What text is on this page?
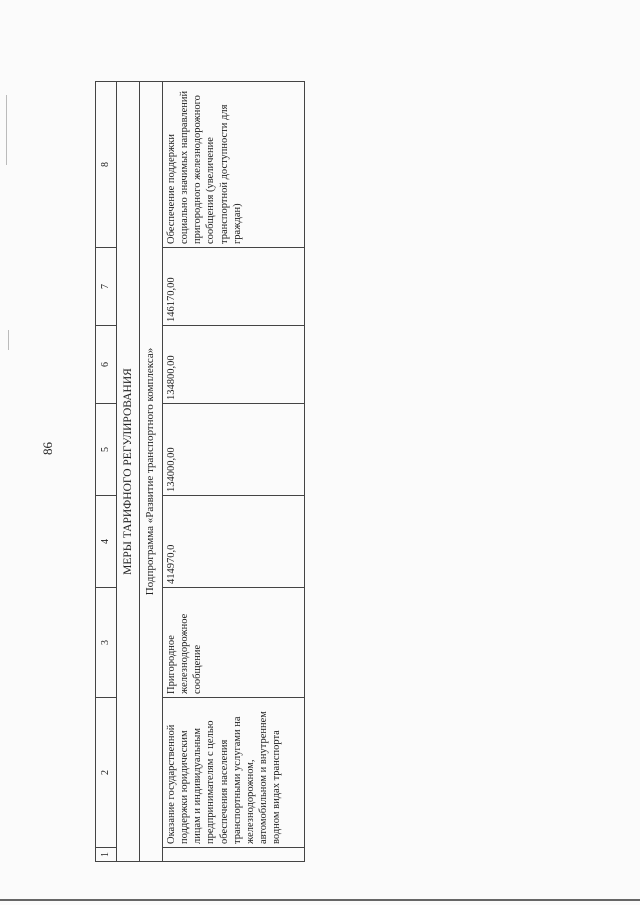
86
1	2	3	4	5	6	7	8
МЕРЫ ТАРИФНОГО РЕГУЛИРОВАНИЯ							
Подпрограмма «Развитие транспортного комплекса»							
	Оказание государственной поддержки юридическим лицам и индивидуальным предпринимателям с целью обеспечения населения транспортными услугами на железнодорожном, автомобильном и внутреннем водном видах транспорта	Пригородное железнодорожное сообщение	414970,0	134000,00	134800,00	146170,00	Обеспечение поддержки социально значимых направлений пригородного железнодорожного сообщения (увеличение транспортной доступности для граждан)
